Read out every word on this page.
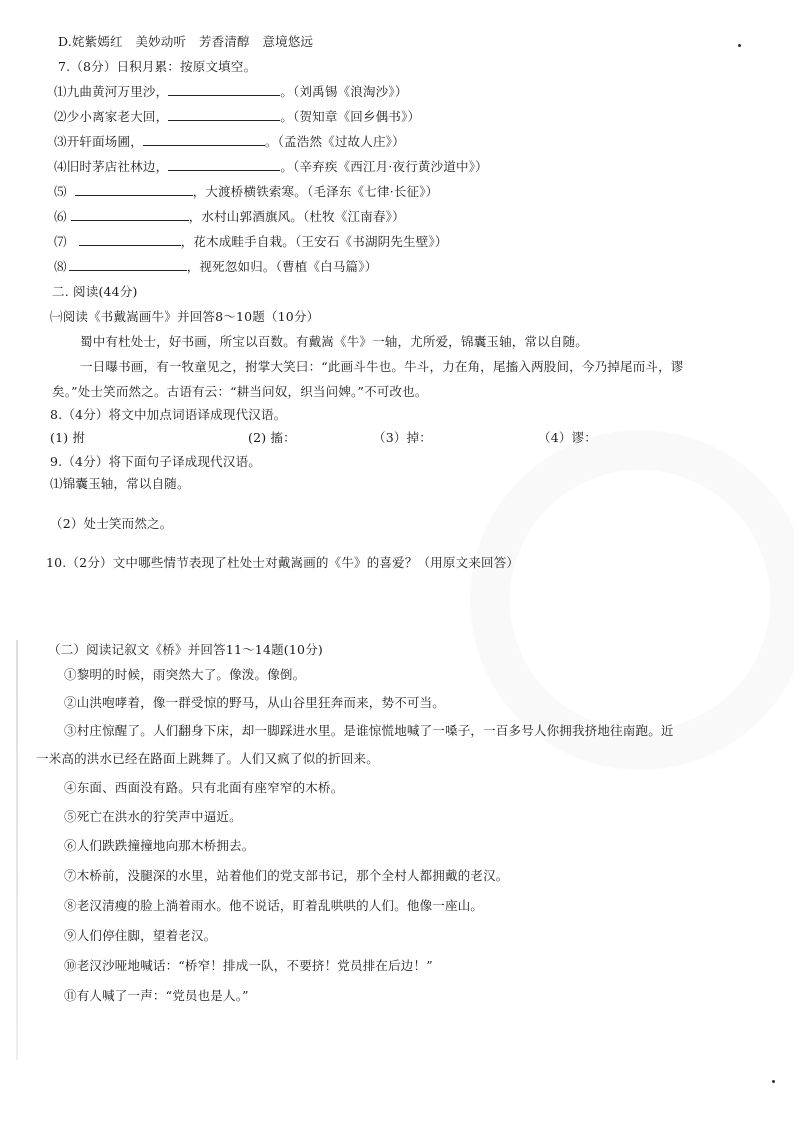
D.姹紫嫣红　美妙动听　芳香清醇　意境悠远
7.（8分）日积月累：按原文填空。
⑴九曲黄河万里沙，	。（刘禹锡《浪淘沙》）
⑵少小离家老大回，	。（贺知章《回乡偶书》）
⑶开轩面场圃，	。（孟浩然《过故人庄》）
⑷旧时茅店社林边，	。（辛弃疾《西江月·夜行黄沙道中》）
⑸	，大渡桥横铁索寒。（毛泽东《七律·长征》）
⑹	，水村山郭酒旗风。（杜牧《江南春》）
⑺	，花木成畦手自栽。（王安石《书湖阴先生壁》）
⑻	，视死忽如归。（曹植《白马篇》）
二. 阅读(44分)
㈠阅读《书戴嵩画牛》并回答8～10题（10分）
蜀中有杜处士，好书画，所宝以百数。有戴嵩《牛》一轴，尤所爱，锦囊玉轴，常以自随。
一日曝书画，有一牧童见之，拊掌大笑曰：“此画斗牛也。牛斗，力在角，尾搐入两股间，今乃掉尾而斗，谬
矣。”处士笑而然之。古语有云：“耕当问奴，织当问婢。”不可改也。
8.（4分）将文中加点词语译成现代汉语。
(1) 拊	(2) 搐：	（3）掉：	（4）谬：
9.（4分）将下面句子译成现代汉语。
⑴锦囊玉轴，常以自随。
（2）处士笑而然之。
10.（2分）文中哪些情节表现了杜处士对戴嵩画的《牛》的喜爱？（用原文来回答）
（二）阅读记叙文《桥》并回答11～14题(10分)
①黎明的时候，雨突然大了。像泼。像倒。
②山洪咆哮着，像一群受惊的野马，从山谷里狂奔而来，势不可当。
③村庄惊醒了。人们翻身下床，却一脚踩进水里。是谁惊慌地喊了一嗓子，一百多号人你拥我挤地往南跑。近
一米高的洪水已经在路面上跳舞了。人们又疯了似的折回来。
④东面、西面没有路。只有北面有座窄窄的木桥。
⑤死亡在洪水的狞笑声中逼近。
⑥人们跌跌撞撞地向那木桥拥去。
⑦木桥前，没腿深的水里，站着他们的党支部书记，那个全村人都拥戴的老汉。
⑧老汉清瘦的脸上淌着雨水。他不说话，盯着乱哄哄的人们。他像一座山。
⑨人们停住脚，望着老汉。
⑩老汉沙哑地喊话：“桥窄！排成一队，不要挤！党员排在后边！”
⑪有人喊了一声：“党员也是人。”
